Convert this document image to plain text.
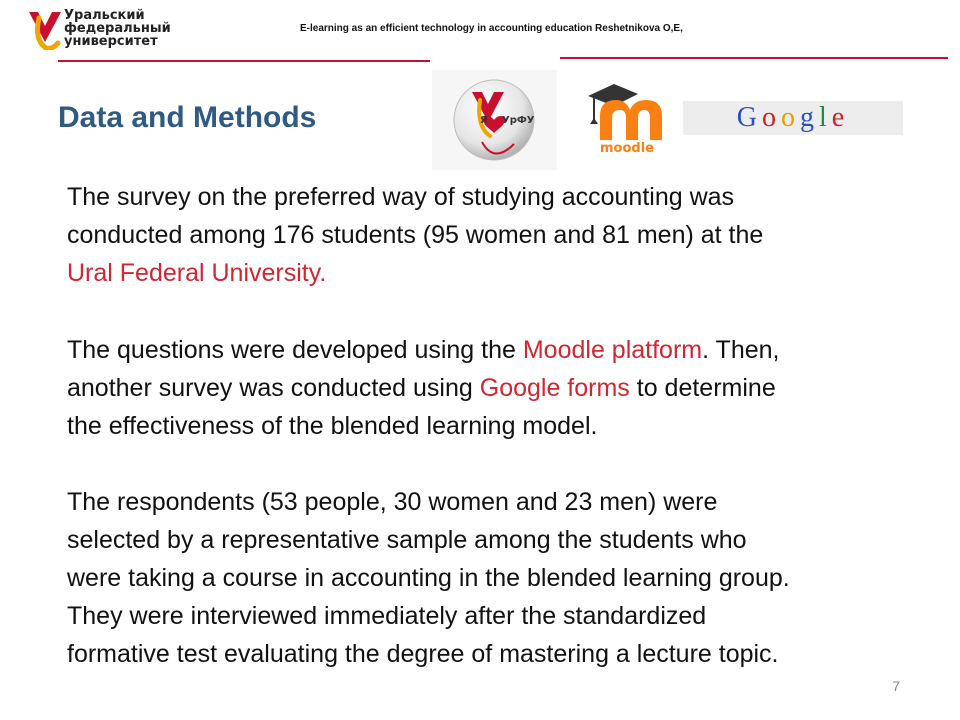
Уральский
федеральный
университет
E-learning as an efficient technology in accounting education Reshetnikova O,E,
Data and Methods	Я УрФУ
moodle
Google
The survey on the preferred way of studying accounting was
conducted among 176 students (95 women and 81 men) at the
Ural Federal University.
The questions were developed using the Moodle platform. Then,
another survey was conducted using Google forms to determine
the effectiveness of the blended learning model.
The respondents (53 people, 30 women and 23 men) were
selected by a representative sample among the students who
were taking a course in accounting in the blended learning group.
They were interviewed immediately after the standardized
formative test evaluating the degree of mastering a lecture topic.
7
